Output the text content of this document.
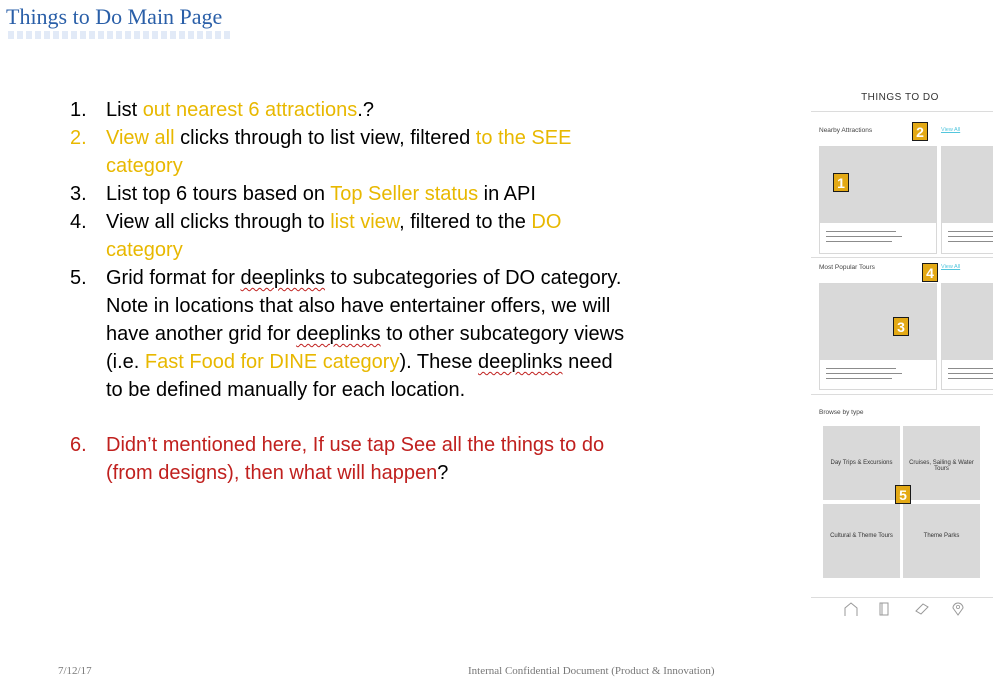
Things to Do Main Page
1. List out nearest 6 attractions.?
2. View all clicks through to list view, filtered to the SEE category
3. List top 6 tours based on Top Seller status in API
4. View all clicks through to list view, filtered to the DO category
5. Grid format for deeplinks to subcategories of DO category. Note in locations that also have entertainer offers, we will have another grid for deeplinks to other subcategory views (i.e. Fast Food for DINE category). These deeplinks need to be defined manually for each location.
6. Didn’t mentioned here, If use tap See all the things to do (from designs), then what will happen?
THINGS TO DO
Nearby Attractions	View All
2
1
Most Popular Tours	View All
4
3
Browse by type
Day Trips & Excursions	Cruises, Sailing & Water Tours
Cultural & Theme Tours	Theme Parks
5
7/12/17	Internal Confidential Document (Product & Innovation)
